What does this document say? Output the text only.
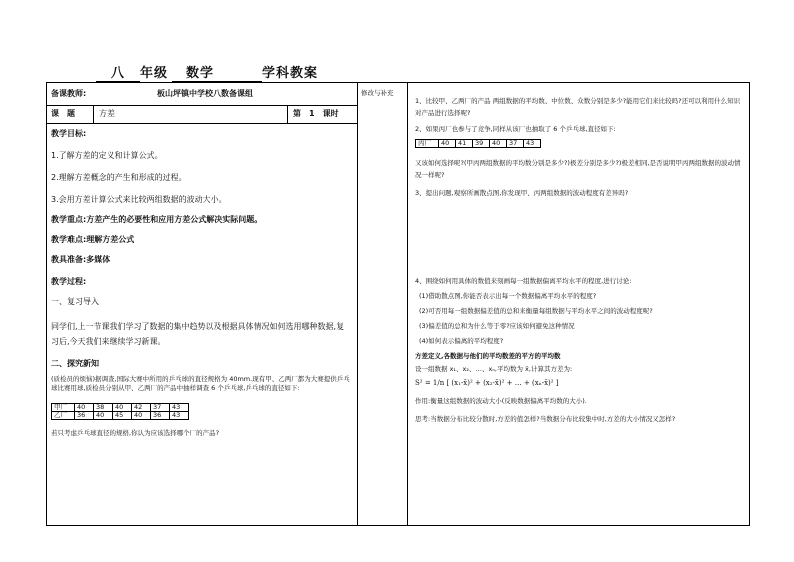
八 年级 数学	学科教案
备课教师:	板山坪镇中学校八数备课组
课　题	方差	第　1　课时
修改与补充
教学目标:
1.了解方差的定义和计算公式。
2.理解方差概念的产生和形成的过程。
3.会用方差计算公式来比较两组数据的波动大小。
教学重点:方差产生的必要性和应用方差公式解决实际问题。
教学难点:理解方差公式
教具准备:多媒体
教学过程:
一、复习导入
同学们,上一节课我们学习了数据的集中趋势以及根据具体情况如何选用哪种数据,复习后,今天我们来继续学习新课。
二、探究新知
(质检员的烦恼)据调查,国际大赛中所用的乒乓球的直径规格为 40mm.现有甲、乙两厂都为大赛提供乒乓球比赛用球,质检员分别从甲、乙两厂的产品中抽样调查 6 个乒乓球,乒乓球的直径如下:
甲厂	40	38	40	42	37	43
乙厂	36	40	45	40	36	43
若只考虑乒乓球直径的规格,你认为应该选择哪个厂的产品?
1、比较甲、乙两厂的产品 两组数据的平均数、中位数、众数分别是多少?能用它们来比较吗?还可以利用什么知识对产品进行选择呢?
2、如果丙厂也参与了竞争,同样从该厂也抽取了 6 个乒乓球,直径如下:
丙厂	40	41	39	40	37	43
又该如何选择呢?(甲丙两组数据的平均数分别是多少?)极差分别是多少?)极差相同,是否说明甲丙两组数据的波动情况一样呢?
3、提出问题,观察所画散点图,你发现甲、丙两组数据的波动程度有差异吗?
4、围绕如何用具体的数值来刻画每一组数据偏离平均水平的程度,进行讨论:
(1)借助散点图,你能否表示出每一个数据偏离平均水平的程度?
(2)可否用每一组数据偏差值的总和来衡量每组数据与平均水平之间的波动程度呢?
(3)偏差值的总和为什么等于零?应该如何避免这种情况
(4)如何表示偏离的平均程度?
方差定义,各数据与他们的平均数差的平方的平均数
设一组数据 x₁、x₂、…、xₙ,平均数为 x̄,计算其方差为:
S² = 1/n [ (x₁-x̄)² + (x₂-x̄)² + … + (xₙ-x̄)² ]
作用:衡量这组数据的波动大小(反映数据偏离平均数的大小).
思考:当数据分布比较分散时,方差的值怎样?当数据分布比较集中时,方差的大小情况又怎样?
